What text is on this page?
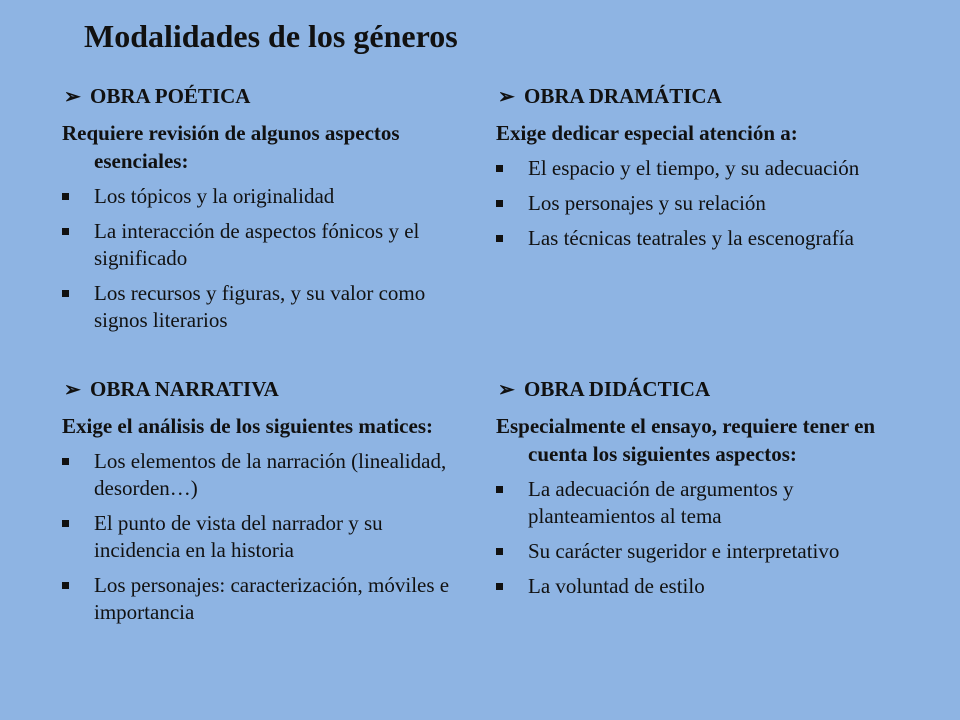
Modalidades de los géneros
➢ OBRA POÉTICA
Requiere revisión de algunos aspectos esenciales:
Los tópicos y la originalidad
La interacción de aspectos fónicos y el significado
Los recursos y figuras, y su valor como signos literarios
➢ OBRA DRAMÁTICA
Exige dedicar especial atención a:
El espacio y el tiempo, y su adecuación
Los personajes y su relación
Las técnicas teatrales y la escenografía
➢ OBRA NARRATIVA
Exige el análisis de los siguientes matices:
Los elementos de la narración (linealidad, desorden…)
El punto de vista del narrador y su incidencia en la historia
Los personajes: caracterización, móviles e importancia
➢ OBRA DIDÁCTICA
Especialmente el ensayo, requiere tener en cuenta los siguientes aspectos:
La adecuación de argumentos y planteamientos al tema
Su carácter sugeridor e interpretativo
La voluntad de estilo
